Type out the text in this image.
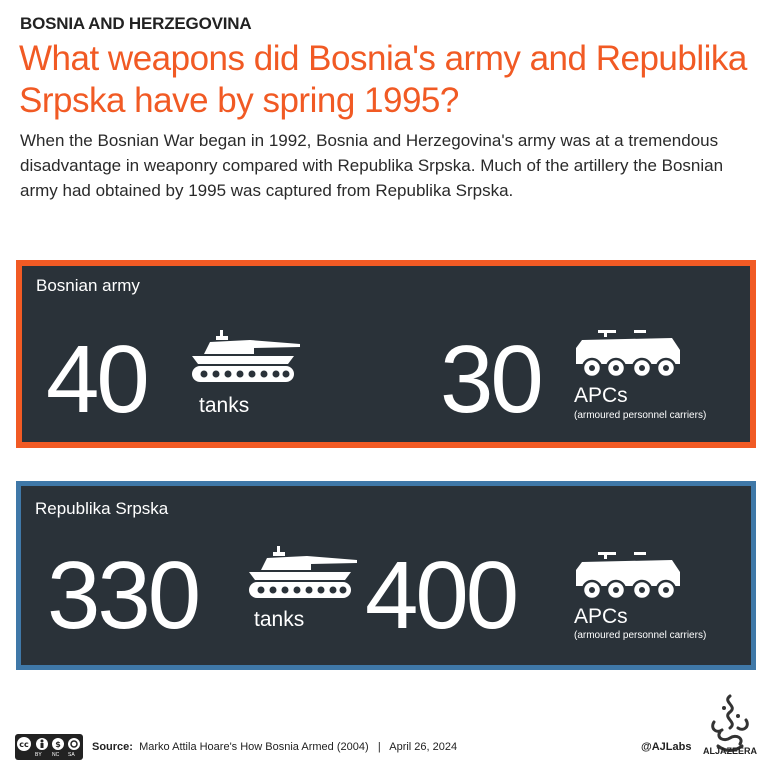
BOSNIA AND HERZEGOVINA
What weapons did Bosnia's army and Republika Srpska have by spring 1995?
When the Bosnian War began in 1992, Bosnia and Herzegovina's army was at a tremendous disadvantage in weaponry compared with Republika Srpska. Much of the artillery the Bosnian army had obtained by 1995 was captured from Republika Srpska.
Bosnian army
40 tanks 30 APCs
(armoured personnel carriers)
Republika Srpska
330	tanks 400	APCs
(armoured personnel carriers)
cc	$
BY NC SA
Source: Marko Attila Hoare's How Bosnia Armed (2004) | April 26, 2024	@AJLabs ALJAZEERA
